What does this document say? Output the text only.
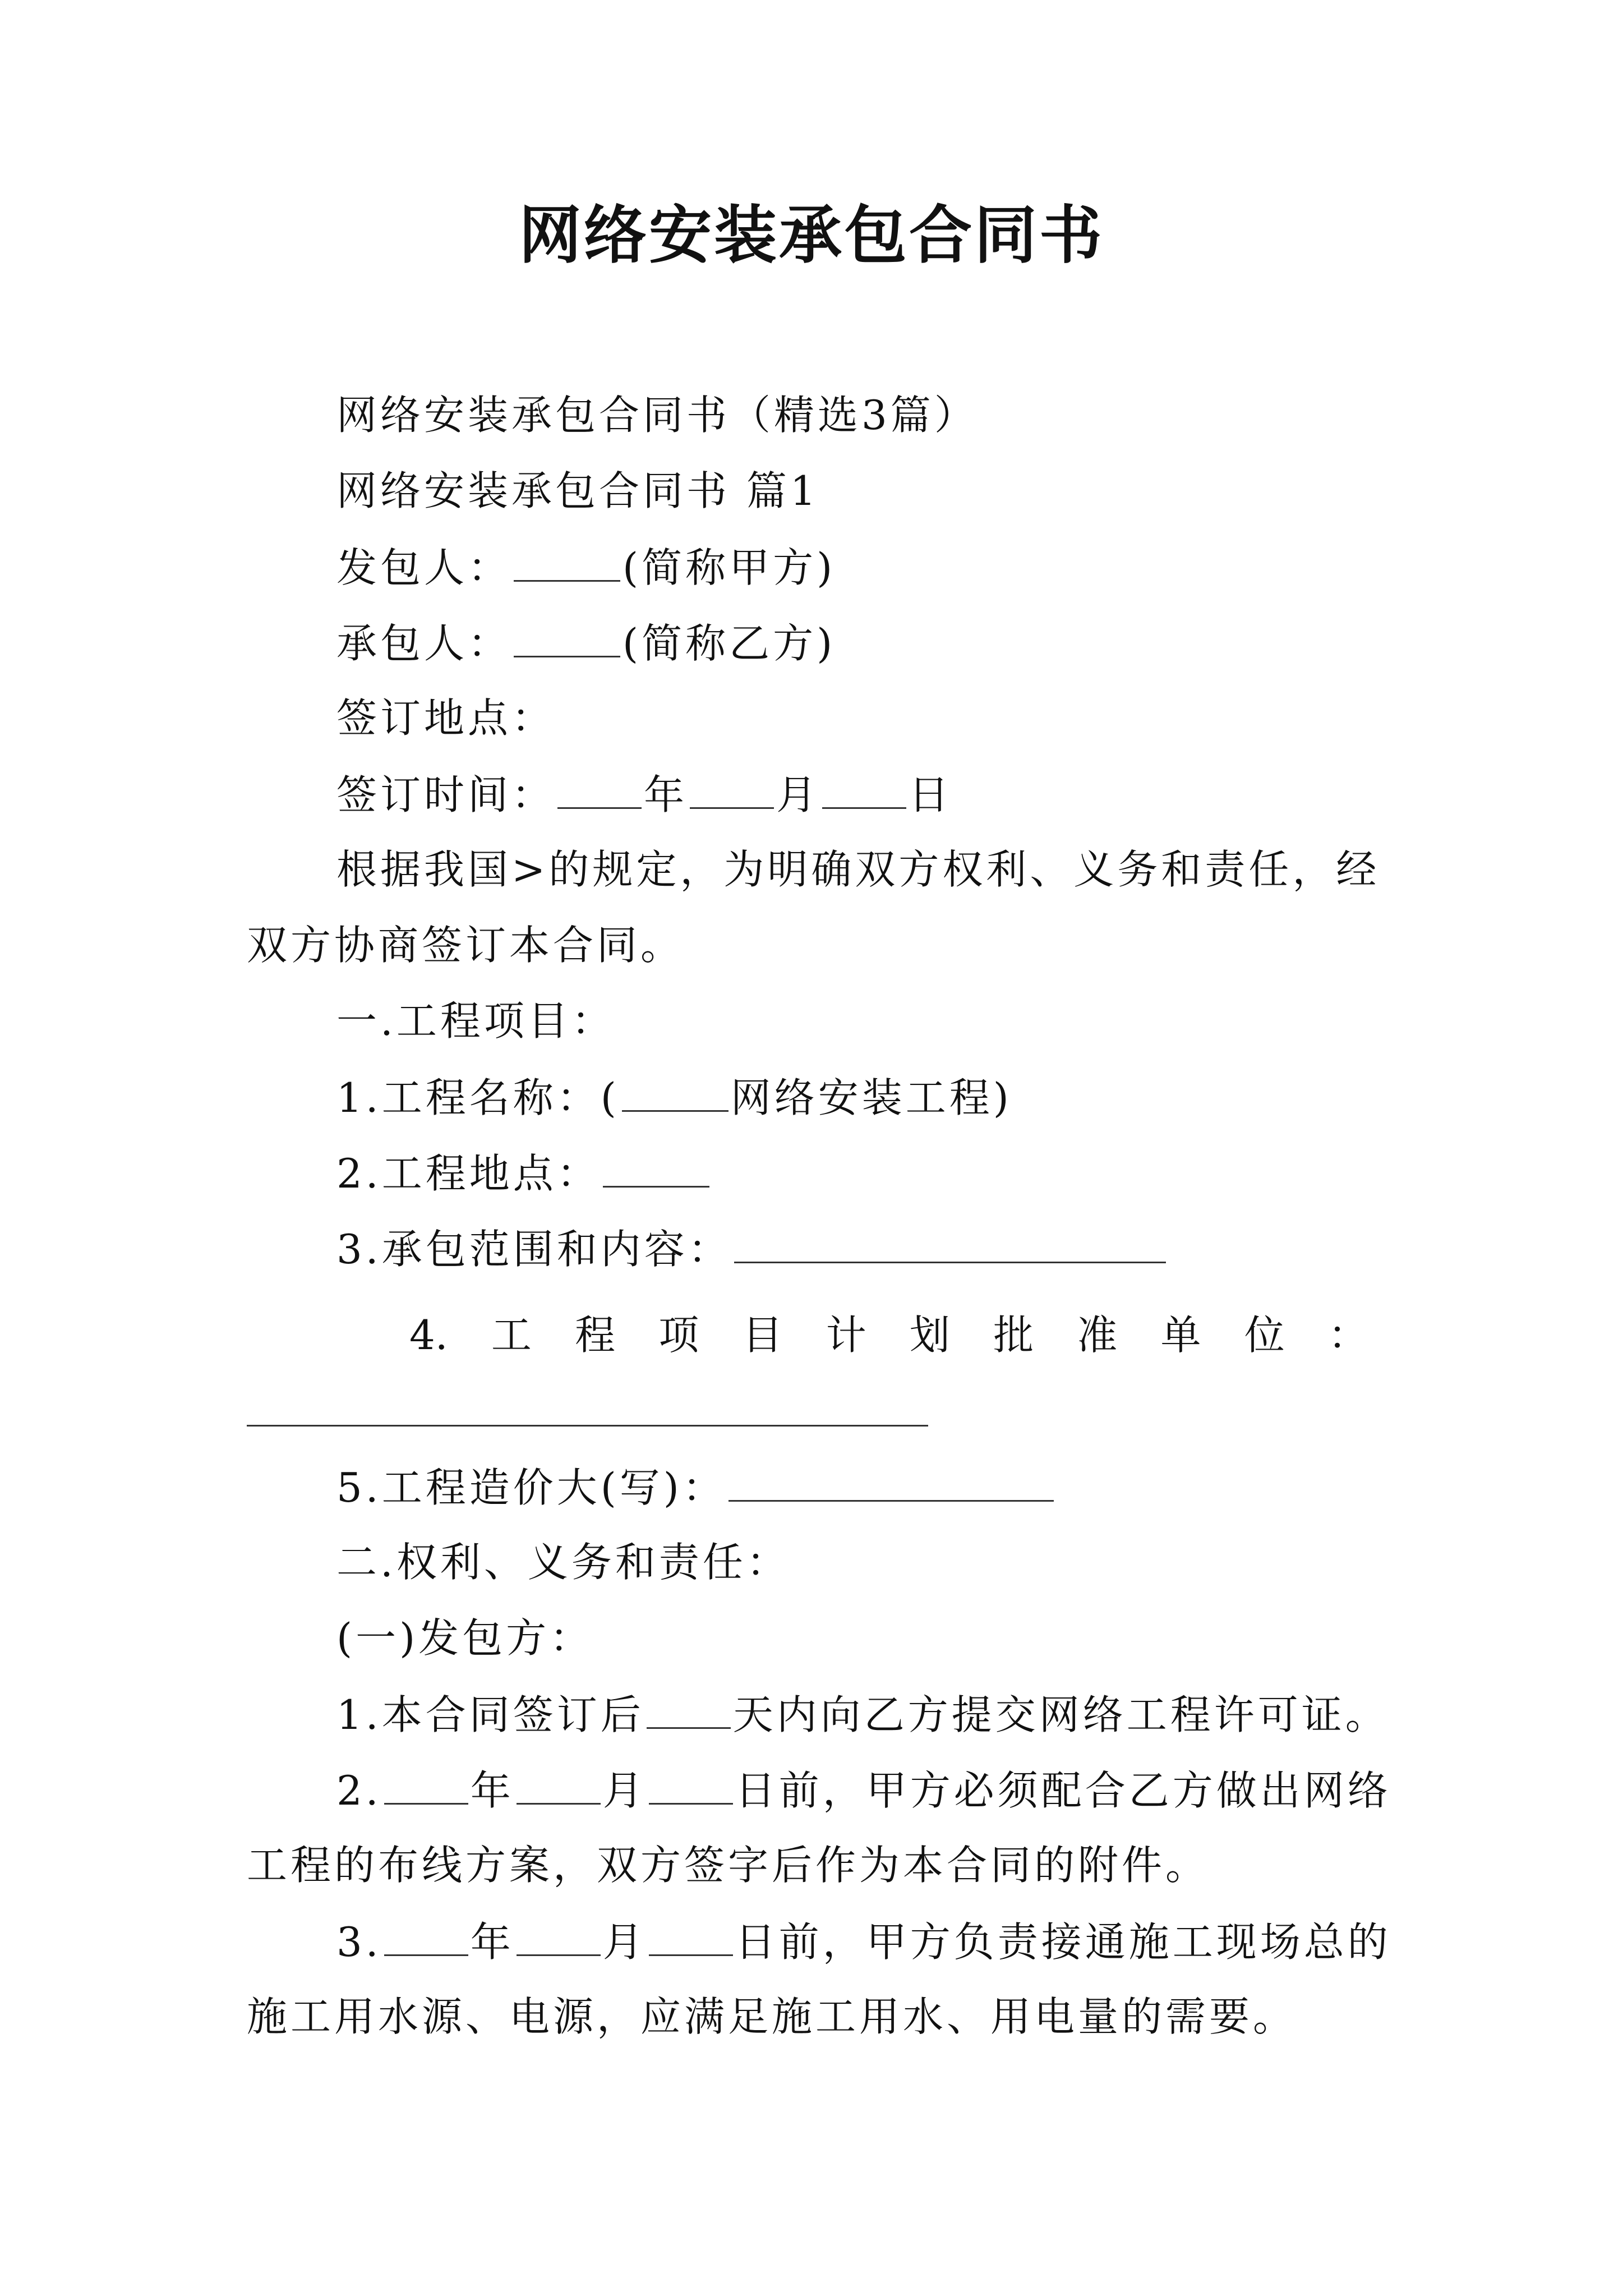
网络安装承包合同书
网络安装承包合同书（精选3篇）
网络安装承包合同书 篇1
发包人：	(简称甲方)
承包人：	(简称乙方)
签订地点：
签订时间： 年 月 日
根据我国>的规定，为明确双方权利、义务和责任，经
双方协商签订本合同。
一.工程项目：
1.工程名称：(	网络安装工程)
2.工程地点：
3.承包范围和内容：
4. 工 程 项 目 计 划 批 准 单 位 ：
5.工程造价大(写)：
二.权利、义务和责任：
(一)发包方：
1.本合同签订后 天内向乙方提交网络工程许可证。
2. 年 月 日前，甲方必须配合乙方做出网络
工程的布线方案，双方签字后作为本合同的附件。
3. 年 月 日前，甲方负责接通施工现场总的
施工用水源、电源，应满足施工用水、用电量的需要。
